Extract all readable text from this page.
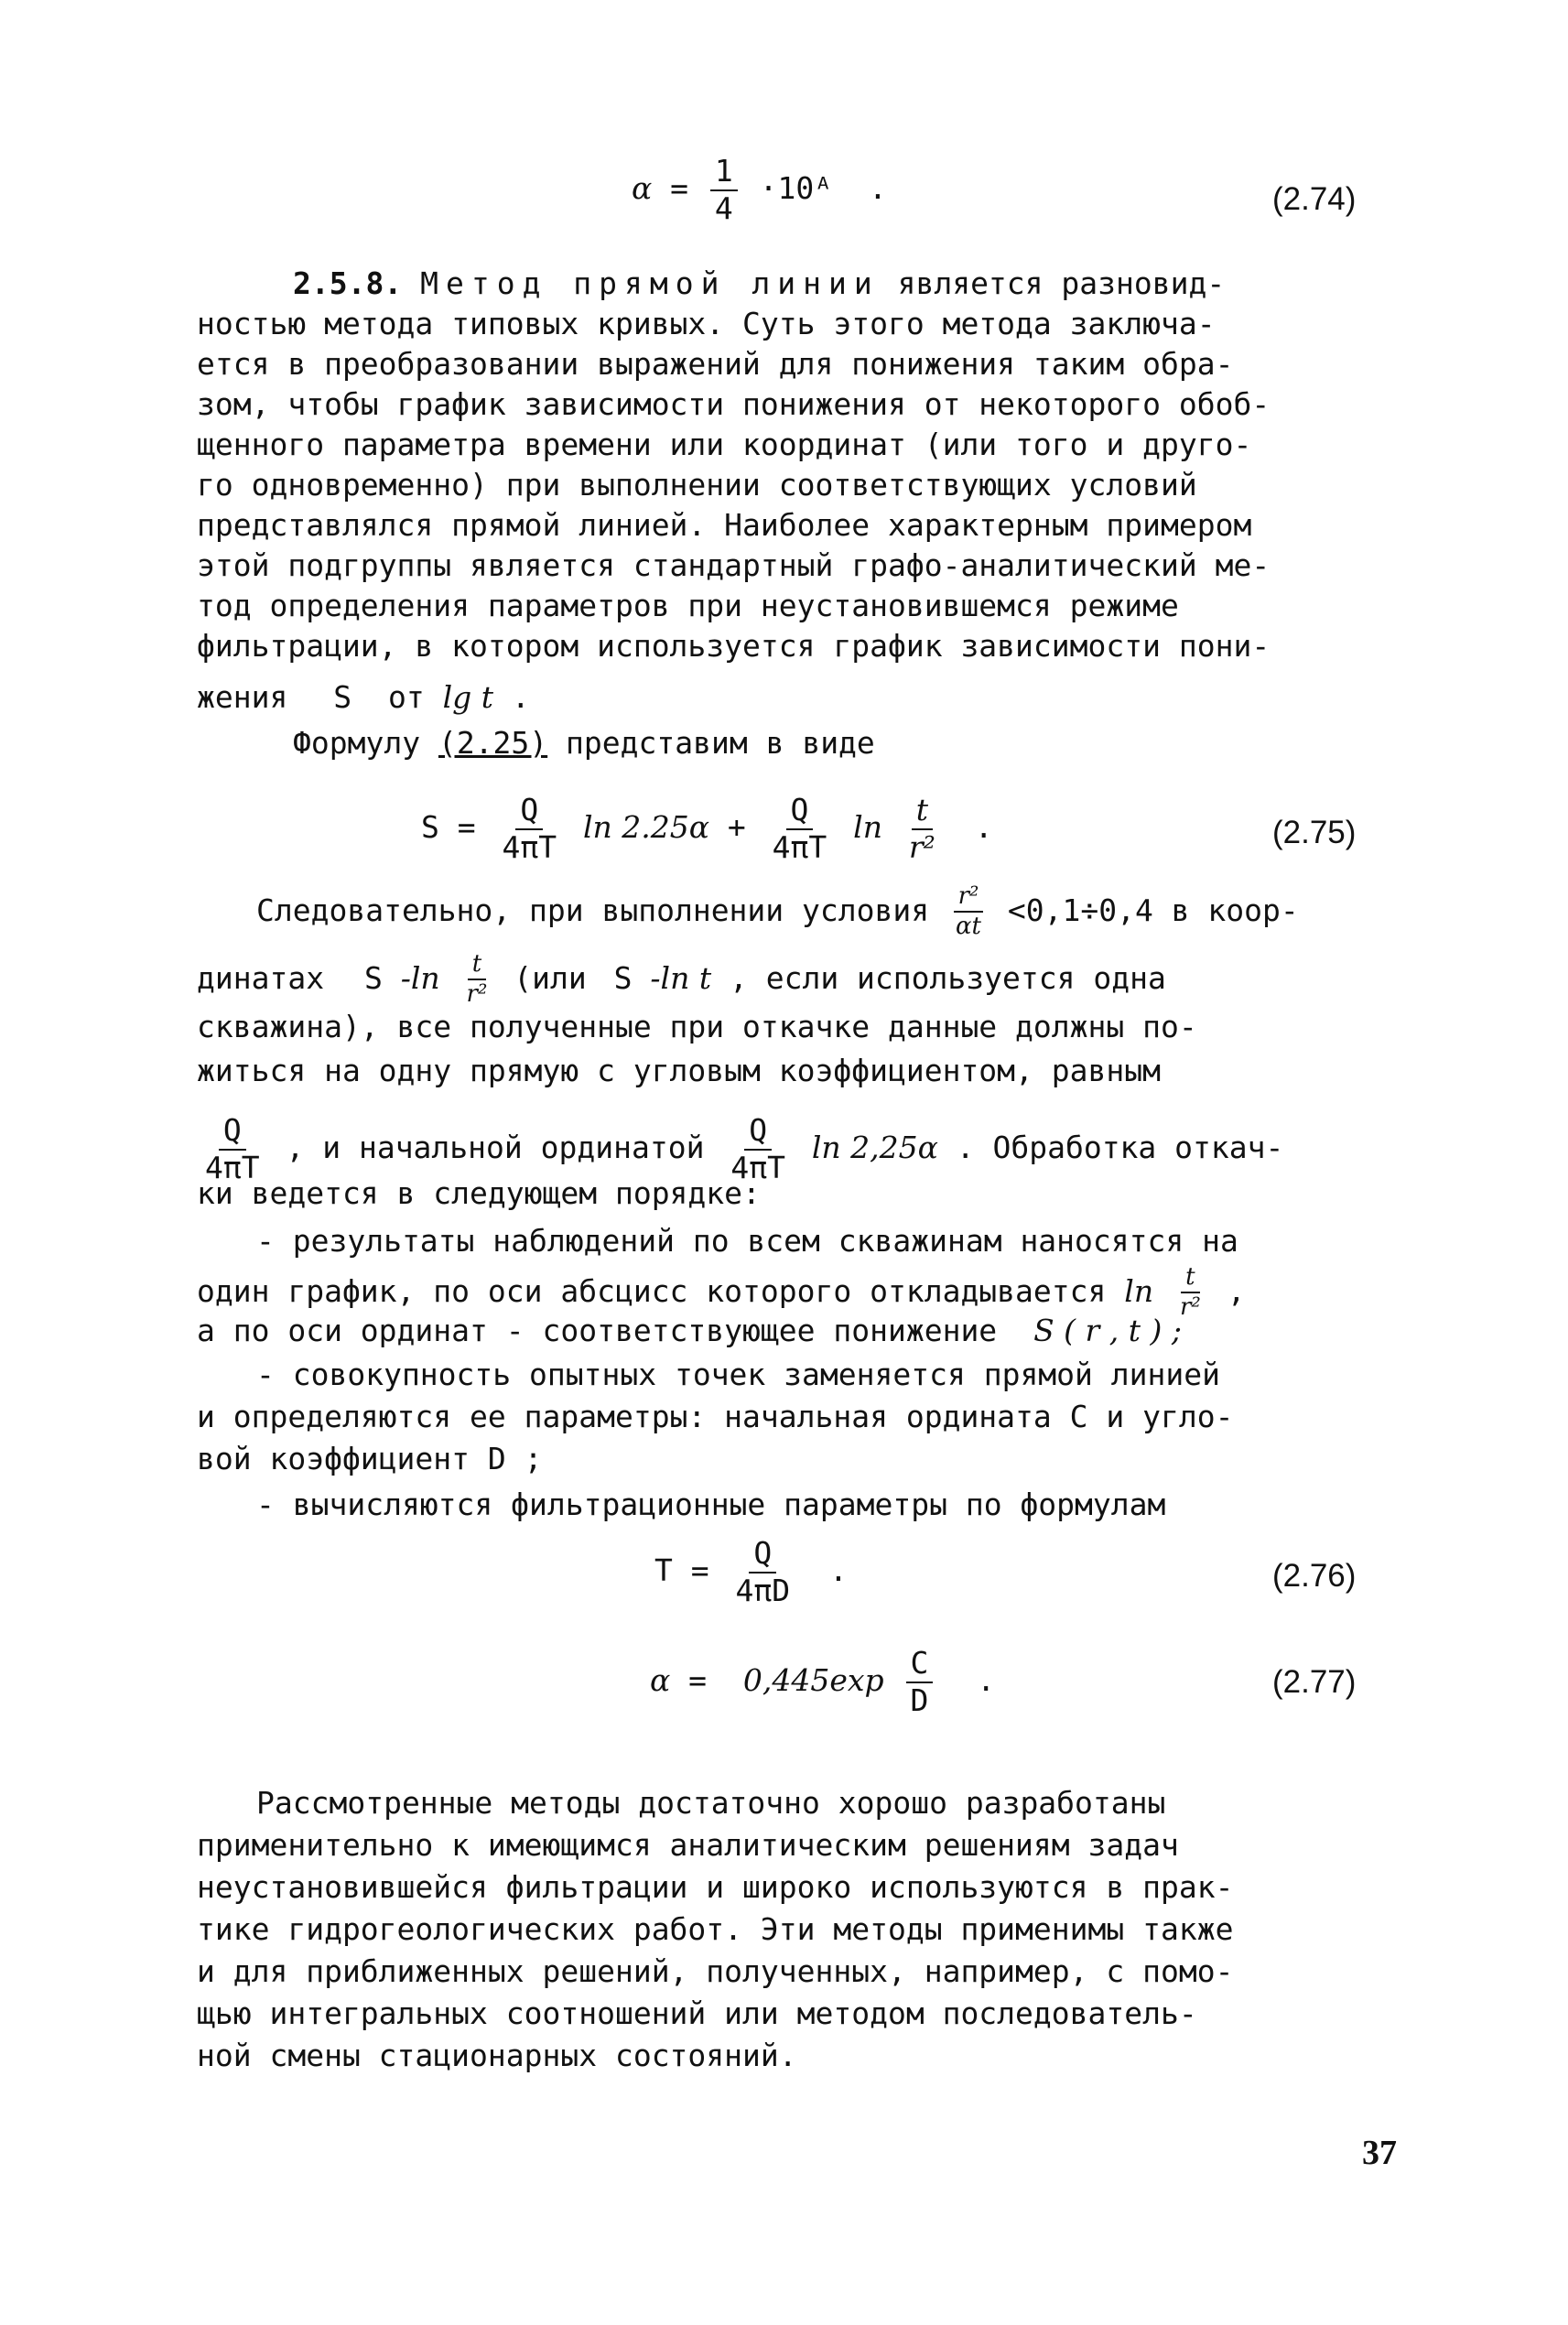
$\alpha = \frac{1}{4}$ ·10ᴬ .	(2.74)
2.5.8. Метод прямой линии является разновид-
ностью метода типовых кривых. Суть этого метода заключа-
ется в преобразовании выражений для понижения таким обра-
зом, чтобы график зависимости понижения от некоторого обоб-
щенного параметра времени или координат (или того и друго-
го одновременно) при выполнении соответствующих условий
представлялся прямой линией. Наиболее характерным примером
этой подгруппы является стандартный графо-аналитический ме-
тод определения параметров при неустановившемся режиме
фильтрации, в котором используется график зависимости пони-
жения S от lg t .
Формулу (2.25) представим в виде
$S = \frac{Q}{4\pi T}$ $\ln 2.25\alpha + \frac{Q}{4\pi T}$ $\ln \frac{t}{\text{r²}}$ .	(2.75)
Следовательно, при выполнении условия $\frac{\text{r²}}{\alpha t} <0,1\div 0,4$ в коор-
динатах S $-\ln \frac{t}{\text{r²}} (или$ S -ln t , если используется одна
скважина), все полученные при откачке данные должны по-
житься на одну прямую с угловым коэффициентом, равным
$\frac{Q}{4\pi T}$ , и начальной ординатой $\frac{Q}{4\pi T}$ ln 2,25α . Обработка откач-
ки ведется в следующем порядке:
- результаты наблюдений по всем скважинам наносятся на
один график, по оси абсцисс которого откладывается $\ln \frac{t}{\text{r²}}$ ,
а по оси ординат - соответствующее понижение S ( r , t ) ;
- совокупность опытных точек заменяется прямой линией
и определяются ее параметры: начальная ордината C и угло-
вой коэффициент D ;
- вычисляются фильтрационные параметры по формулам
$T = \frac{Q}{4\pi D}$ .	(2.76)
$\alpha = 0,445\exp \frac{C}{D}$ .	(2.77)
Рассмотренные методы достаточно хорошо разработаны
применительно к имеющимся аналитическим решениям задач
неустановившейся фильтрации и широко используются в прак-
тике гидрогеологических работ. Эти методы применимы также
и для приближенных решений, полученных, например, с помо-
щью интегральных соотношений или методом последователь-
ной смены стационарных состояний.
37
